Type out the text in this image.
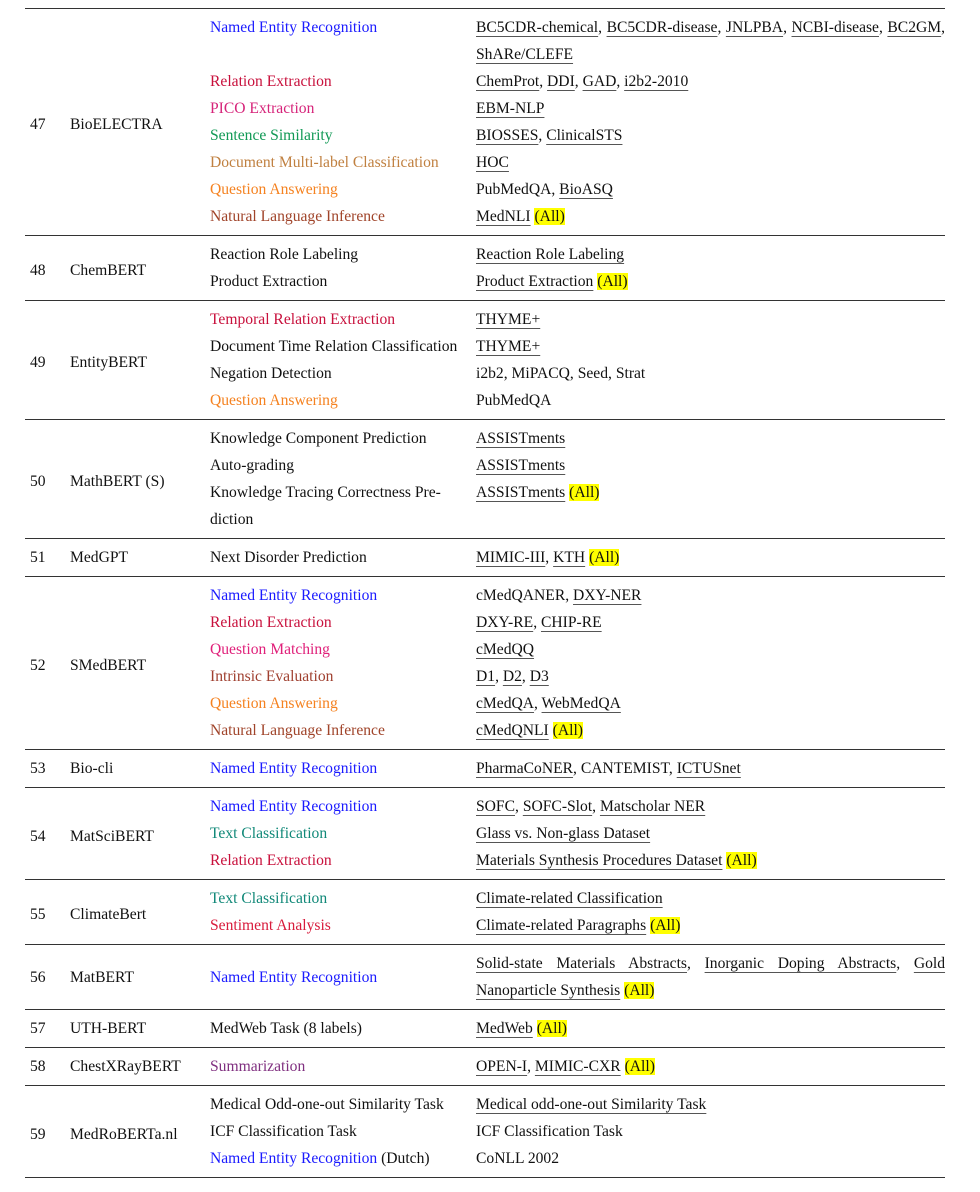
47	BioELECTRA	Named Entity Recognition	BC5CDR-chemical, BC5CDR-disease, JNLPBA, NCBI-disease, BC2GM, ShARe/CLEFE
		Relation Extraction	ChemProt, DDI, GAD, i2b2-2010
		PICO Extraction	EBM-NLP
		Sentence Similarity	BIOSSES, ClinicalSTS
		Document Multi-label Classification	HOC
		Question Answering	PubMedQA, BioASQ
		Natural Language Inference	MedNLI (All)
48	ChemBERT	Reaction Role Labeling	Reaction Role Labeling
		Product Extraction	Product Extraction (All)
49	EntityBERT	Temporal Relation Extraction	THYME+
		Document Time Relation Classification	THYME+
		Negation Detection	i2b2, MiPACQ, Seed, Strat
		Question Answering	PubMedQA
50	MathBERT (S)	Knowledge Component Prediction	ASSISTments
		Auto-grading	ASSISTments
		Knowledge Tracing Correctness Prediction	ASSISTments (All)
51	MedGPT	Next Disorder Prediction	MIMIC-III, KTH (All)
52	SMedBERT	Named Entity Recognition	cMedQANER, DXY-NER
		Relation Extraction	DXY-RE, CHIP-RE
		Question Matching	cMedQQ
		Intrinsic Evaluation	D1, D2, D3
		Question Answering	cMedQA, WebMedQA
		Natural Language Inference	cMedQNLI (All)
53	Bio-cli	Named Entity Recognition	PharmaCoNER, CANTEMIST, ICTUSnet
54	MatSciBERT	Named Entity Recognition	SOFC, SOFC-Slot, Matscholar NER
		Text Classification	Glass vs. Non-glass Dataset
		Relation Extraction	Materials Synthesis Procedures Dataset (All)
55	ClimateBert	Text Classification	Climate-related Classification
		Sentiment Analysis	Climate-related Paragraphs (All)
56	MatBERT	Named Entity Recognition	Solid-state Materials Abstracts, Inorganic Doping Abstracts, Gold Nanoparticle Synthesis (All)
57	UTH-BERT	MedWeb Task (8 labels)	MedWeb (All)
58	ChestXRayBERT	Summarization	OPEN-I, MIMIC-CXR (All)
59	MedRoBERTa.nl	Medical Odd-one-out Similarity Task	Medical odd-one-out Similarity Task
		ICF Classification Task	ICF Classification Task
		Named Entity Recognition (Dutch)	CoNLL 2002
